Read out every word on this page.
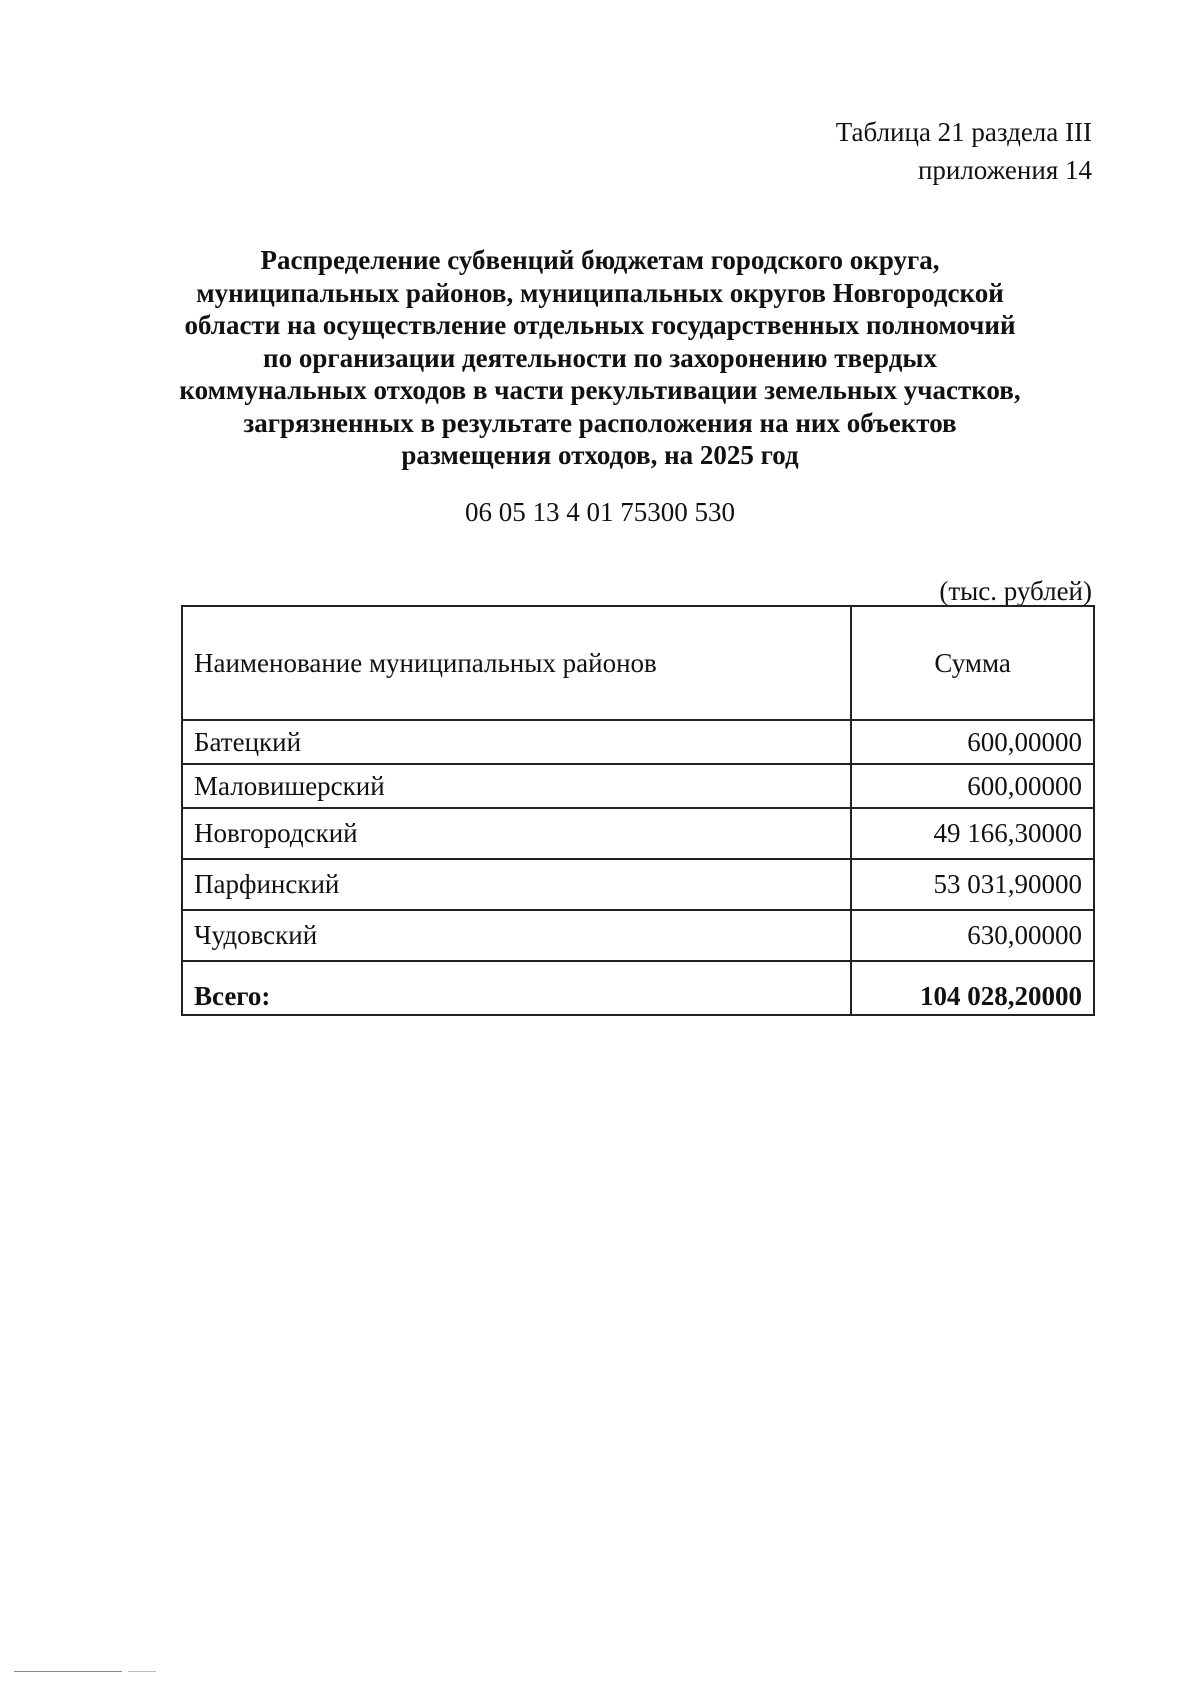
Таблица 21 раздела III
приложения 14
Распределение субвенций бюджетам городского округа,
муниципальных районов, муниципальных округов Новгородской
области на осуществление отдельных государственных полномочий
по организации деятельности по захоронению твердых
коммунальных отходов в части рекультивации земельных участков,
загрязненных в результате расположения на них объектов
размещения отходов, на 2025 год
06 05 13 4 01 75300 530
(тыс. рублей)
Наименование муниципальных районов	Сумма
Батецкий	600,00000
Маловишерский	600,00000
Новгородский	49 166,30000
Парфинский	53 031,90000
Чудовский	630,00000
Всего:	104 028,20000
